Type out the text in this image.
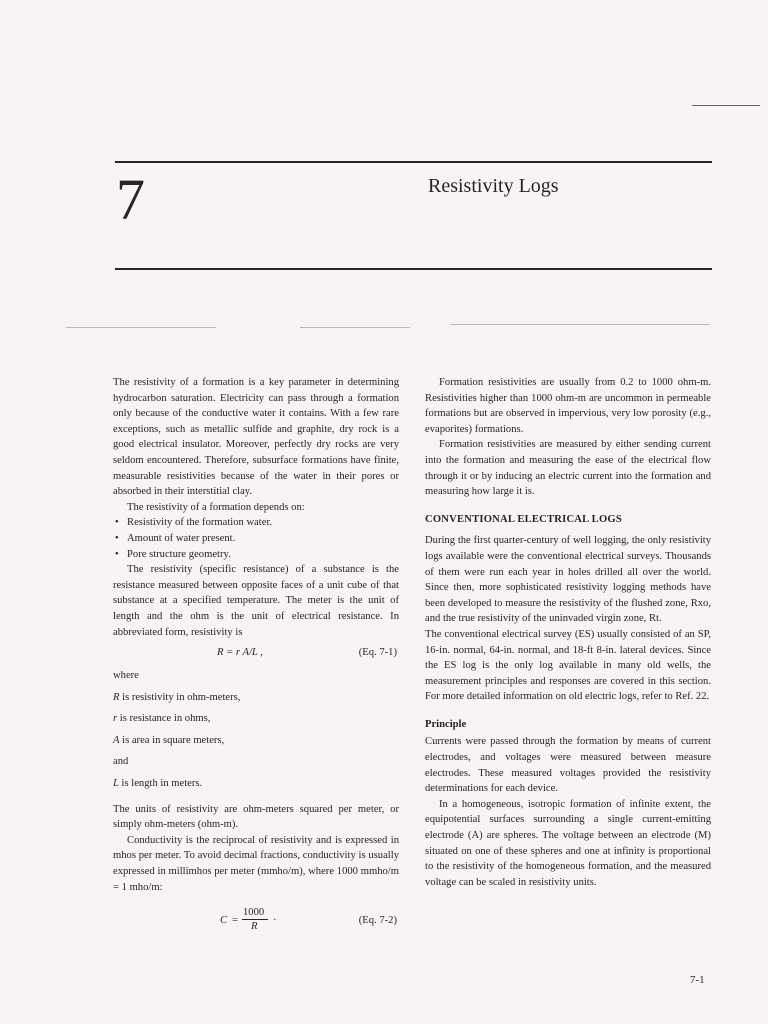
7	Resistivity Logs

The resistivity of a formation is a key parameter in determining hydrocarbon saturation. Electricity can pass through a formation only because of the conductive water it contains. With a few rare exceptions, such as metallic sulfide and graphite, dry rock is a good electrical insulator. Moreover, perfectly dry rocks are very seldom encountered. Therefore, subsurface formations have finite, measurable resistivities because of the water in their pores or absorbed in their interstitial clay.

The resistivity of a formation depends on:

• Resistivity of the formation water.
• Amount of water present.
• Pore structure geometry.

The resistivity (specific resistance) of a substance is the resistance measured between opposite faces of a unit cube of that substance at a specified temperature. The meter is the unit of length and the ohm is the unit of electrical resistance. In abbreviated form, resistivity is

R = r A/L ,	(Eq. 7-1)

where

R is resistivity in ohm-meters,

r is resistance in ohms,

A is area in square meters,

and

L is length in meters.

The units of resistivity are ohm-meters squared per meter, or simply ohm-meters (ohm-m).

Conductivity is the reciprocal of resistivity and is expressed in mhos per meter. To avoid decimal fractions, conductivity is usually expressed in millimhos per meter (mmho/m), where 1000 mmho/m = 1 mho/m:

C =
1000
R
·	(Eq. 7-2)

Formation resistivities are usually from 0.2 to 1000 ohm-m. Resistivities higher than 1000 ohm-m are uncommon in permeable formations but are observed in impervious, very low porosity (e.g., evaporites) formations.

Formation resistivities are measured by either sending current into the formation and measuring the ease of the electrical flow through it or by inducing an electric current into the formation and measuring how large it is.

CONVENTIONAL ELECTRICAL LOGS

During the first quarter-century of well logging, the only resistivity logs available were the conventional electrical surveys. Thousands of them were run each year in holes drilled all over the world. Since then, more sophisticated resistivity logging methods have been developed to measure the resistivity of the flushed zone, Rxo, and the true resistivity of the uninvaded virgin zone, Rt.

The conventional electrical survey (ES) usually consisted of an SP, 16-in. normal, 64-in. normal, and 18-ft 8-in. lateral devices. Since the ES log is the only log available in many old wells, the measurement principles and responses are covered in this section. For more detailed information on old electric logs, refer to Ref. 22.

Principle

Currents were passed through the formation by means of current electrodes, and voltages were measured between measure electrodes. These measured voltages provided the resistivity determinations for each device.

In a homogeneous, isotropic formation of infinite extent, the equipotential surfaces surrounding a single current-emitting electrode (A) are spheres. The voltage between an electrode (M) situated on one of these spheres and one at infinity is proportional to the resistivity of the homogeneous formation, and the measured voltage can be scaled in resistivity units.

7-1
